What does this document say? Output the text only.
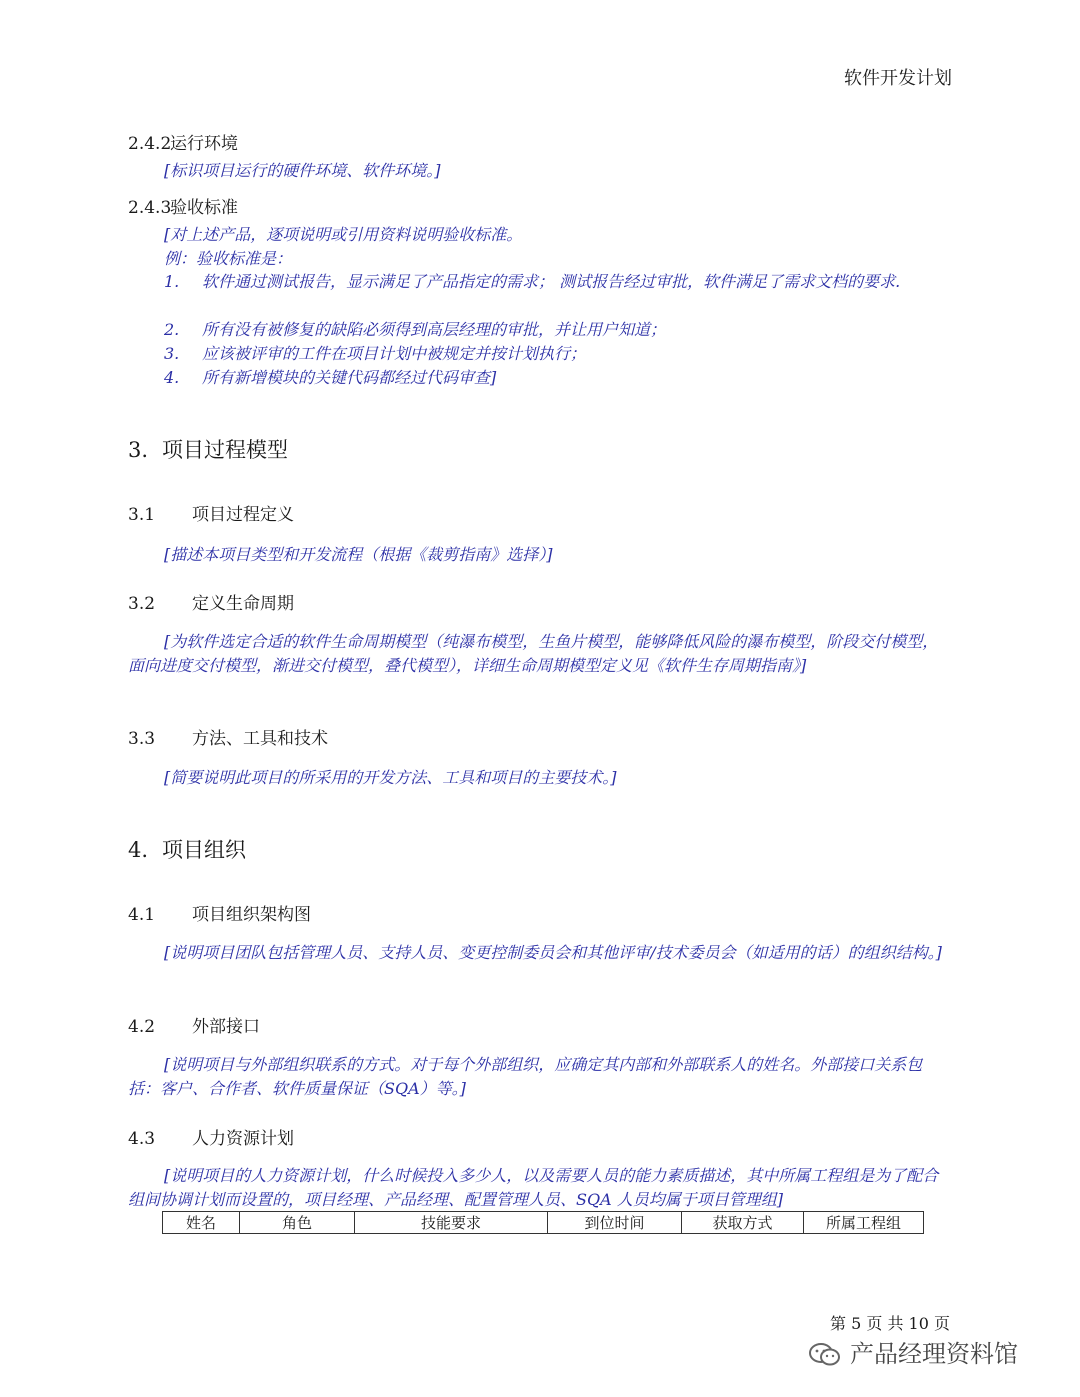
软件开发计划
2.4.2运行环境
[标识项目运行的硬件环境、软件环境。]
2.4.3验收标准
[对上述产品，逐项说明或引用资料说明验收标准。
例：验收标准是：
1. 软件通过测试报告，显示满足了产品指定的需求； 测试报告经过审批，软件满足了需求文档的要求.
2. 所有没有被修复的缺陷必须得到高层经理的审批，并让用户知道；
3. 应该被评审的工件在项目计划中被规定并按计划执行；
4. 所有新增模块的关键代码都经过代码审查]
3. 项目过程模型
3.1 项目过程定义
[描述本项目类型和开发流程（根据《裁剪指南》选择）]
3.2 定义生命周期
[为软件选定合适的软件生命周期模型（纯瀑布模型，生鱼片模型，能够降低风险的瀑布模型，阶段交付模型，面向进度交付模型，渐进交付模型，叠代模型），详细生命周期模型定义见《软件生存周期指南》]
3.3 方法、工具和技术
[简要说明此项目的所采用的开发方法、工具和项目的主要技术。]
4. 项目组织
4.1 项目组织架构图
[说明项目团队包括管理人员、支持人员、变更控制委员会和其他评审/技术委员会（如适用的话）的组织结构。]
4.2 外部接口
[说明项目与外部组织联系的方式。对于每个外部组织，应确定其内部和外部联系人的姓名。外部接口关系包括：客户、合作者、软件质量保证（SQA）等。]
4.3 人力资源计划
[说明项目的人力资源计划，什么时候投入多少人，以及需要人员的能力素质描述，其中所属工程组是为了配合组间协调计划而设置的，项目经理、产品经理、配置管理人员、SQA 人员均属于项目管理组]
姓名	角色	技能要求	到位时间	获取方式	所属工程组
第 5 页 共 10 页
产品经理资料馆
